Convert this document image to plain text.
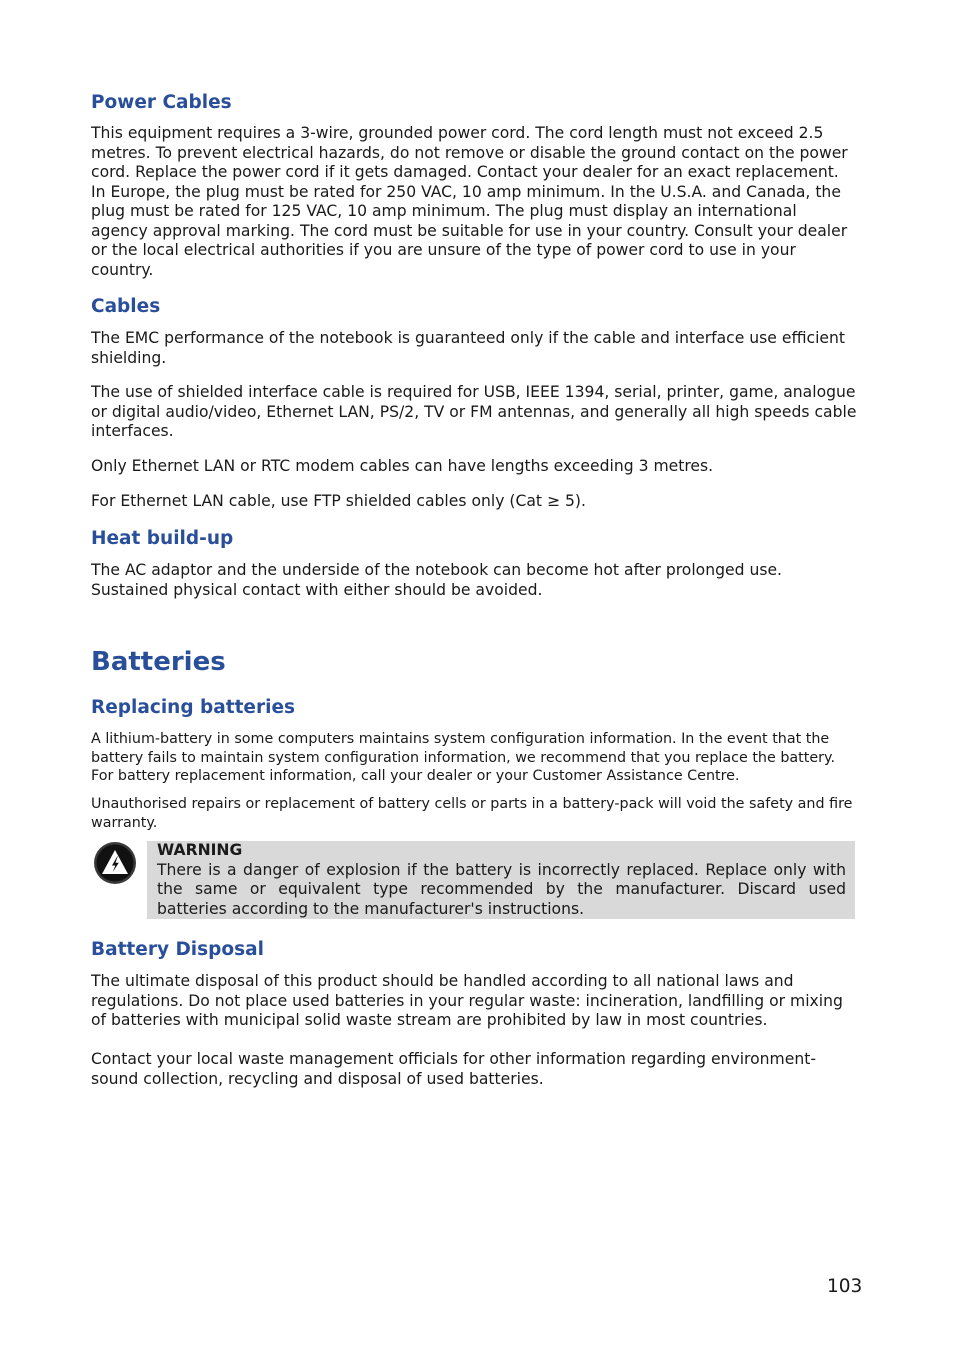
Power Cables

This equipment requires a 3-wire, grounded power cord. The cord length must not exceed 2.5 metres. To prevent electrical hazards, do not remove or disable the ground contact on the power cord. Replace the power cord if it gets damaged. Contact your dealer for an exact replacement. In Europe, the plug must be rated for 250 VAC, 10 amp minimum. In the U.S.A. and Canada, the plug must be rated for 125 VAC, 10 amp minimum. The plug must display an international agency approval marking. The cord must be suitable for use in your country. Consult your dealer or the local electrical authorities if you are unsure of the type of power cord to use in your country.

Cables

The EMC performance of the notebook is guaranteed only if the cable and interface use efficient shielding.

The use of shielded interface cable is required for USB, IEEE 1394, serial, printer, game, analogue or digital audio/video, Ethernet LAN, PS/2, TV or FM antennas, and generally all high speeds cable interfaces.

Only Ethernet LAN or RTC modem cables can have lengths exceeding 3 metres.

For Ethernet LAN cable, use FTP shielded cables only (Cat ≥ 5).

Heat build-up

The AC adaptor and the underside of the notebook can become hot after prolonged use. Sustained physical contact with either should be avoided.

Batteries
Replacing batteries

A lithium-battery in some computers maintains system configuration information. In the event that the battery fails to maintain system configuration information, we recommend that you replace the battery. For battery replacement information, call your dealer or your Customer Assistance Centre.

Unauthorised repairs or replacement of battery cells or parts in a battery-pack will void the safety and fire warranty.

WARNING

There is a danger of explosion if the battery is incorrectly replaced. Replace only with the same or equivalent type recommended by the manufacturer. Discard used batteries according to the manufacturer's instructions.

Battery Disposal

The ultimate disposal of this product should be handled according to all national laws and regulations. Do not place used batteries in your regular waste: incineration, landfilling or mixing of batteries with municipal solid waste stream are prohibited by law in most countries.

Contact your local waste management officials for other information regarding environment-sound collection, recycling and disposal of used batteries.

103
